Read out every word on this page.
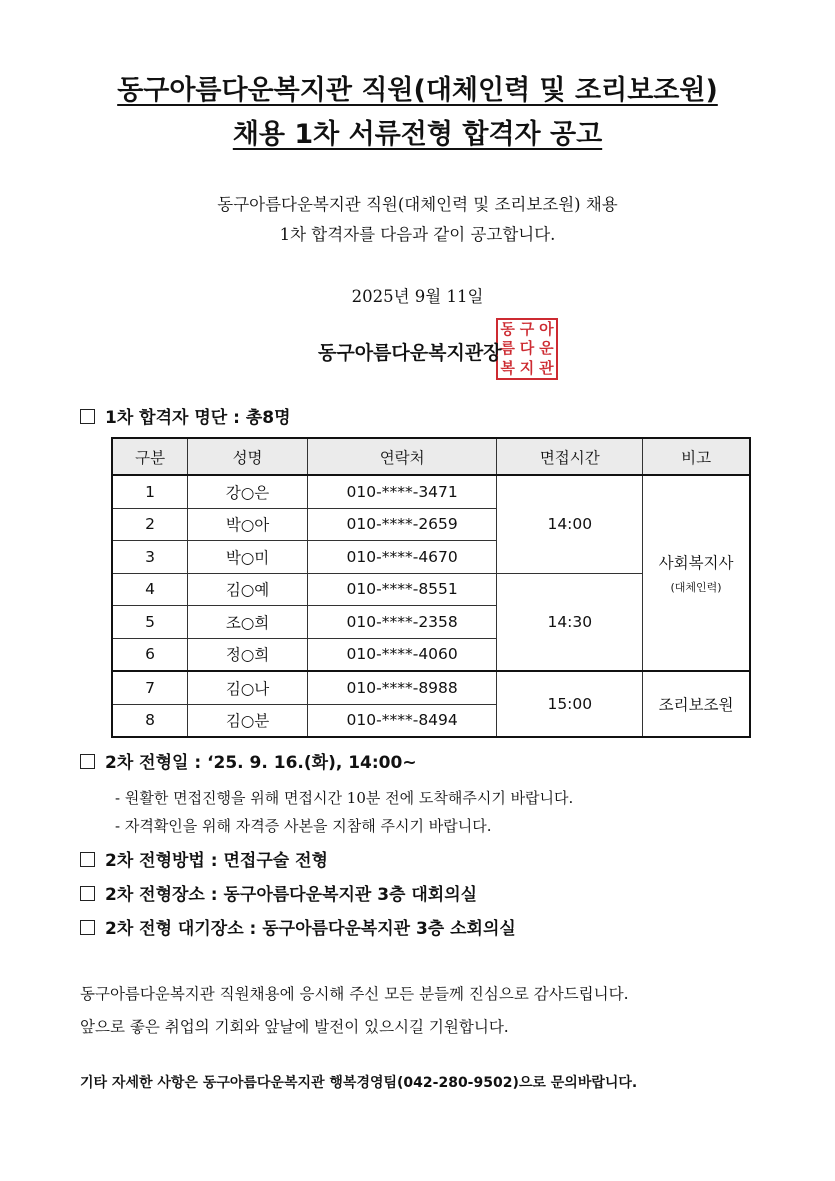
동구아름다운복지관 직원(대체인력 및 조리보조원)
채용 1차 서류전형 합격자 공고
동구아름다운복지관 직원(대체인력 및 조리보조원) 채용
1차 합격자를 다음과 같이 공고합니다.
2025년 9월 11일
동 구 아
름 다 운
복 지 관
동구아름다운복지관장
1차 합격자 명단 : 총8명
구분	성명	연락처	면접시간	비고
1	강○은	010-****-3471	14:00	사회복지사
(대체인력)

2	박○아	010-****-2659		
3	박○미	010-****-4670		
4	김○예	010-****-8551	14:30	
5	조○희	010-****-2358		
6	정○희	010-****-4060		
7	김○나	010-****-8988	15:00	조리보조원
8	김○분	010-****-8494		
2차 전형일 : ‘25. 9. 16.(화), 14:00~
- 원활한 면접진행을 위해 면접시간 10분 전에 도착해주시기 바랍니다.
- 자격확인을 위해 자격증 사본을 지참해 주시기 바랍니다.
2차 전형방법 : 면접구술 전형
2차 전형장소 : 동구아름다운복지관 3층 대회의실
2차 전형 대기장소 : 동구아름다운복지관 3층 소회의실
동구아름다운복지관 직원채용에 응시해 주신 모든 분들께 진심으로 감사드립니다.
앞으로 좋은 취업의 기회와 앞날에 발전이 있으시길 기원합니다.
기타 자세한 사항은 동구아름다운복지관 행복경영팀(042-280-9502)으로 문의바랍니다.
